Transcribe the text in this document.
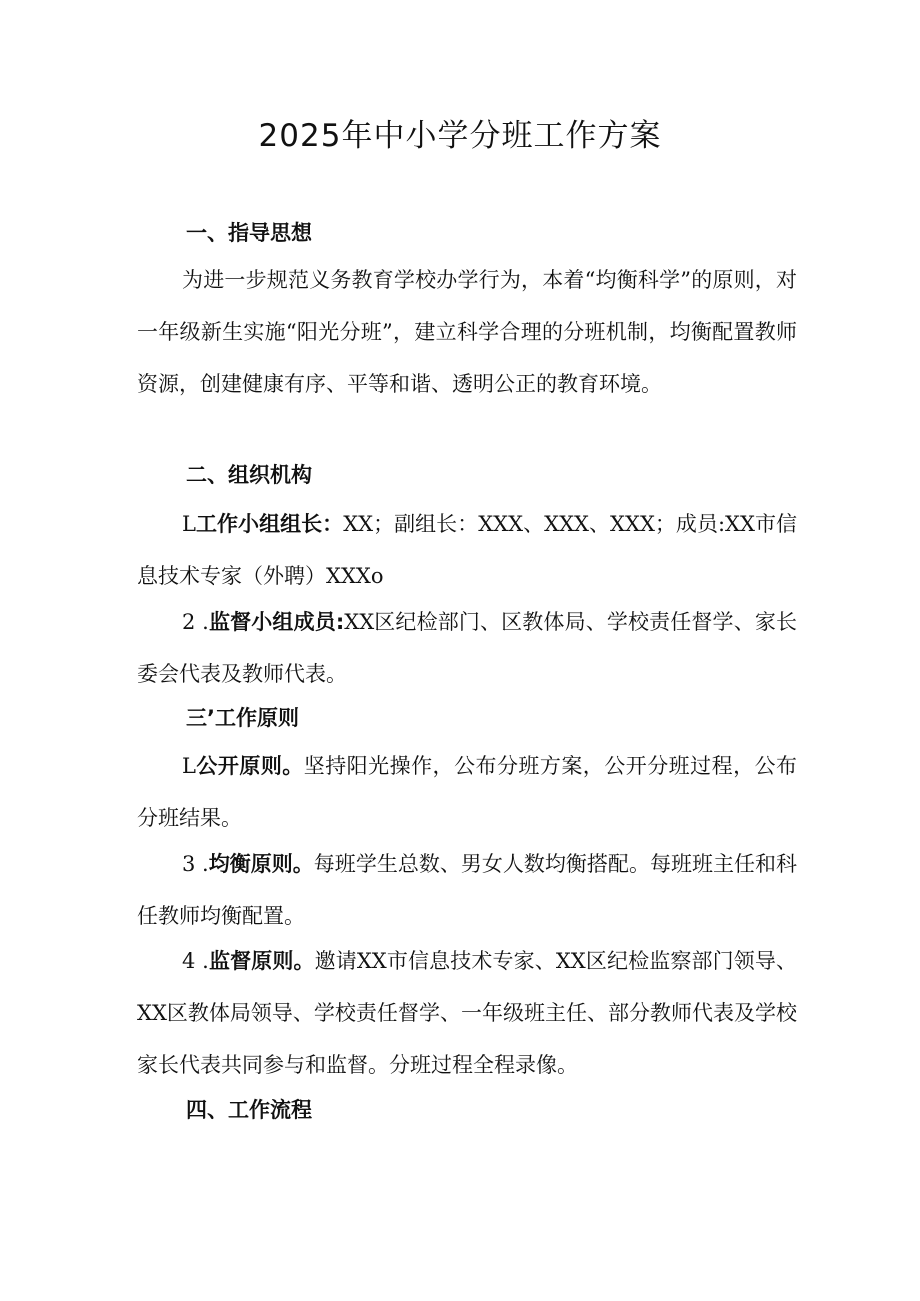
2025年中小学分班工作方案
一、指导思想

为进一步规范义务教育学校办学行为，本着“均衡科学”的原则，对一年级新生实施“阳光分班”，建立科学合理的分班机制，均衡配置教师资源，创建健康有序、平等和谐、透明公正的教育环境。

二、组织机构

L工作小组组长：XX；副组长：XXX、XXX、XXX；成员:XX市信息技术专家（外聘）XXXo

2 .监督小组成员:XX区纪检部门、区教体局、学校责任督学、家长委会代表及教师代表。

三’工作原则

L公开原则。坚持阳光操作，公布分班方案，公开分班过程，公布分班结果。

3 .均衡原则。每班学生总数、男女人数均衡搭配。每班班主任和科任教师均衡配置。

4 .监督原则。邀请XX市信息技术专家、XX区纪检监察部门领导、XX区教体局领导、学校责任督学、一年级班主任、部分教师代表及学校家长代表共同参与和监督。分班过程全程录像。

四、工作流程
